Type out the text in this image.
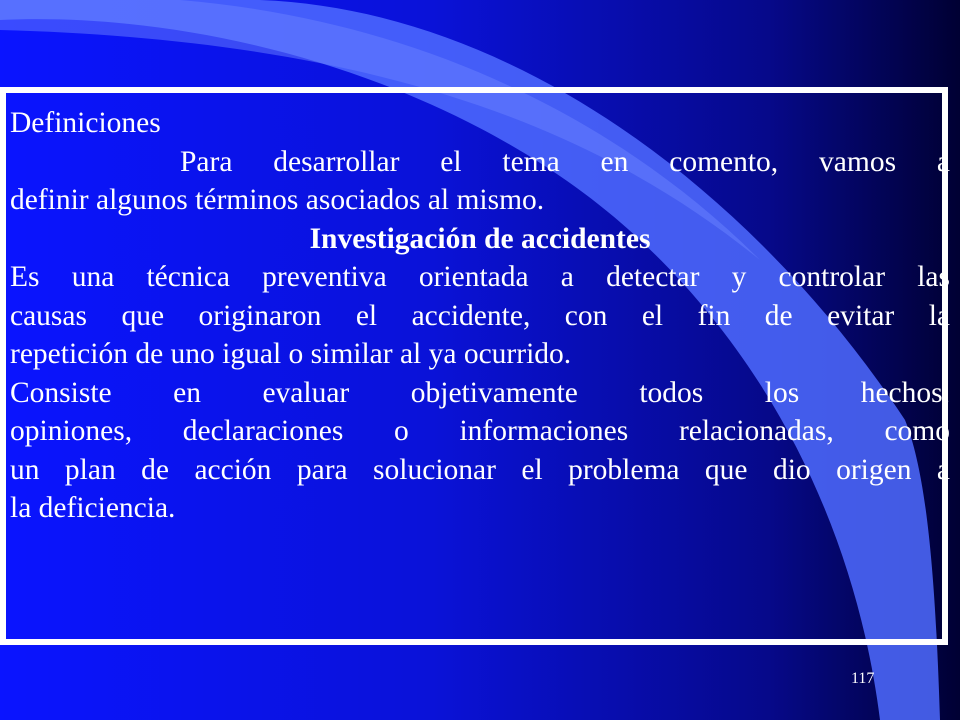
Definiciones

Para desarrollar el tema en comento, vamos a

definir algunos términos asociados al mismo.

Investigación de accidentes

Es una técnica preventiva orientada a detectar y controlar las

causas que originaron el accidente, con el fin de evitar la

repetición de uno igual o similar al ya ocurrido.

Consiste en evaluar objetivamente todos los hechos,

opiniones, declaraciones o informaciones relacionadas, como

un plan de acción para solucionar el problema que dio origen a

la deficiencia.

117
